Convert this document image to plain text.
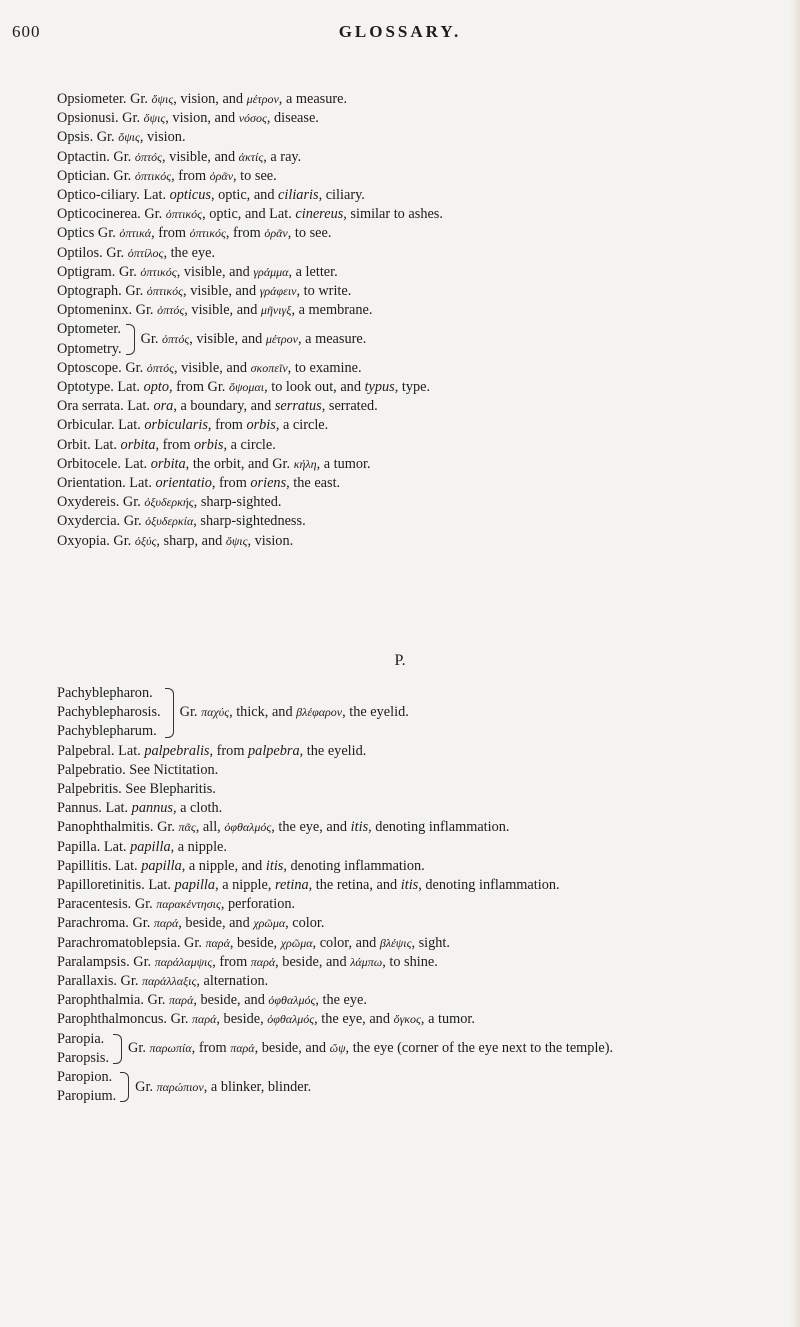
600	GLOSSARY.
Opsiometer. Gr. ὄψις, vision, and μέτρον, a measure.
Opsionusi. Gr. ὄψις, vision, and νόσος, disease.
Opsis. Gr. ὄψις, vision.
Optactin. Gr. ὀπτός, visible, and ἀκτίς, a ray.
Optician. Gr. ὀπτικός, from ὁρᾶν, to see.
Optico-ciliary. Lat. opticus, optic, and ciliaris, ciliary.
Opticocinerea. Gr. ὀπτικός, optic, and Lat. cinereus, similar to ashes.
Optics Gr. ὀπτικά, from ὀπτικός, from ὁρᾶν, to see.
Optilos. Gr. ὀπτίλος, the eye.
Optigram. Gr. ὀπτικός, visible, and γράμμα, a letter.
Optograph. Gr. ὀπτικός, visible, and γράφειν, to write.
Optomeninx. Gr. ὀπτός, visible, and μῆνιγξ, a membrane.
Optometer.
Optometry.
Gr. ὀπτός, visible, and μέτρον, a measure.
Optoscope. Gr. ὀπτός, visible, and σκοπεῖν, to examine.
Optotype. Lat. opto, from Gr. ὄψομαι, to look out, and typus, type.
Ora serrata. Lat. ora, a boundary, and serratus, serrated.
Orbicular. Lat. orbicularis, from orbis, a circle.
Orbit. Lat. orbita, from orbis, a circle.
Orbitocele. Lat. orbita, the orbit, and Gr. κήλη, a tumor.
Orientation. Lat. orientatio, from oriens, the east.
Oxydereis. Gr. ὀξυδερκής, sharp-sighted.
Oxydercia. Gr. ὀξυδερκία, sharp-sightedness.
Oxyopia. Gr. ὀξύς, sharp, and ὄψις, vision.
P.
Pachyblepharon.
Pachyblepharosis.
Pachyblepharum.
Gr. παχύς, thick, and βλέφαρον, the eyelid.
Palpebral. Lat. palpebralis, from palpebra, the eyelid.
Palpebratio. See Nictitation.
Palpebritis. See Blepharitis.
Pannus. Lat. pannus, a cloth.
Panophthalmitis. Gr. πᾶς, all, ὀφθαλμός, the eye, and itis, denoting inflammation.
Papilla. Lat. papilla, a nipple.
Papillitis. Lat. papilla, a nipple, and itis, denoting inflammation.
Papilloretinitis. Lat. papilla, a nipple, retina, the retina, and itis, denoting inflammation.
Paracentesis. Gr. παρακέντησις, perforation.
Parachroma. Gr. παρά, beside, and χρῶμα, color.
Parachromatoblepsia. Gr. παρά, beside, χρῶμα, color, and βλέψις, sight.
Paralampsis. Gr. παράλαμψις, from παρά, beside, and λάμπω, to shine.
Parallaxis. Gr. παράλλαξις, alternation.
Parophthalmia. Gr. παρά, beside, and ὀφθαλμός, the eye.
Parophthalmoncus. Gr. παρά, beside, ὀφθαλμός, the eye, and ὄγκος, a tumor.
Paropia.
Paropsis.
Gr. παρωπία, from παρά, beside, and ὤψ, the eye (corner of the eye next to the temple).
Paropion.
Paropium.
Gr. παρώπιον, a blinker, blinder.
